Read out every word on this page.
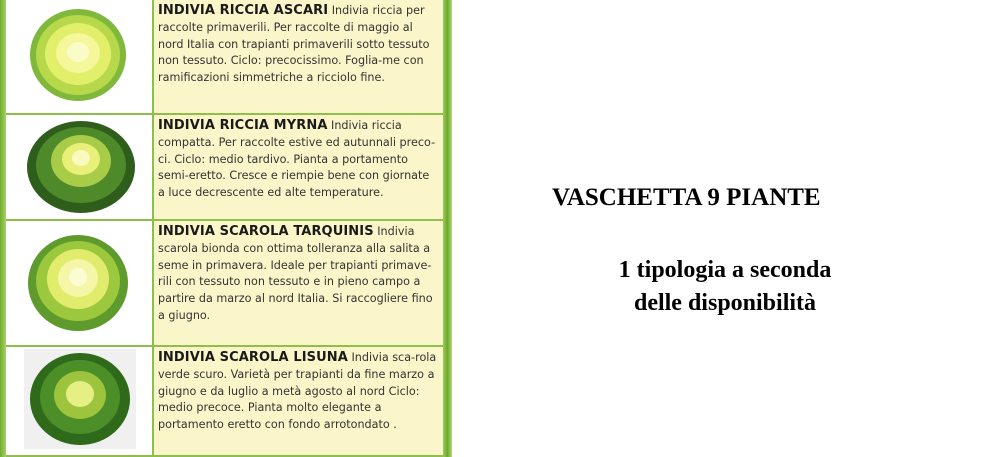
INDIVIA RICCIA ASCARI Indivia riccia per raccolte primaverili. Per raccolte di maggio al nord Italia con trapianti primaverili sotto tessuto non tessuto. Ciclo: precocissimo. Foglia-me con ramificazioni simmetriche a ricciolo fine.
INDIVIA RICCIA MYRNA Indivia riccia compatta. Per raccolte estive ed autunnali preco-ci. Ciclo: medio tardivo. Pianta a portamento semi-eretto. Cresce e riempie bene con giornate a luce decrescente ed alte temperature.
INDIVIA SCAROLA TARQUINIS Indivia scarola bionda con ottima tolleranza alla salita a seme in primavera. Ideale per trapianti primave-rili con tessuto non tessuto e in pieno campo a partire da marzo al nord Italia. Si raccogliere fino a giugno.
INDIVIA SCAROLA LISUNA Indivia sca-rola verde scuro. Varietà per trapianti da fine marzo a giugno e da luglio a metà agosto al nord Ciclo: medio precoce. Pianta molto elegante a portamento eretto con fondo arrotondato .
VASCHETTA 9 PIANTE
1 tipologia a seconda
delle disponibilità
